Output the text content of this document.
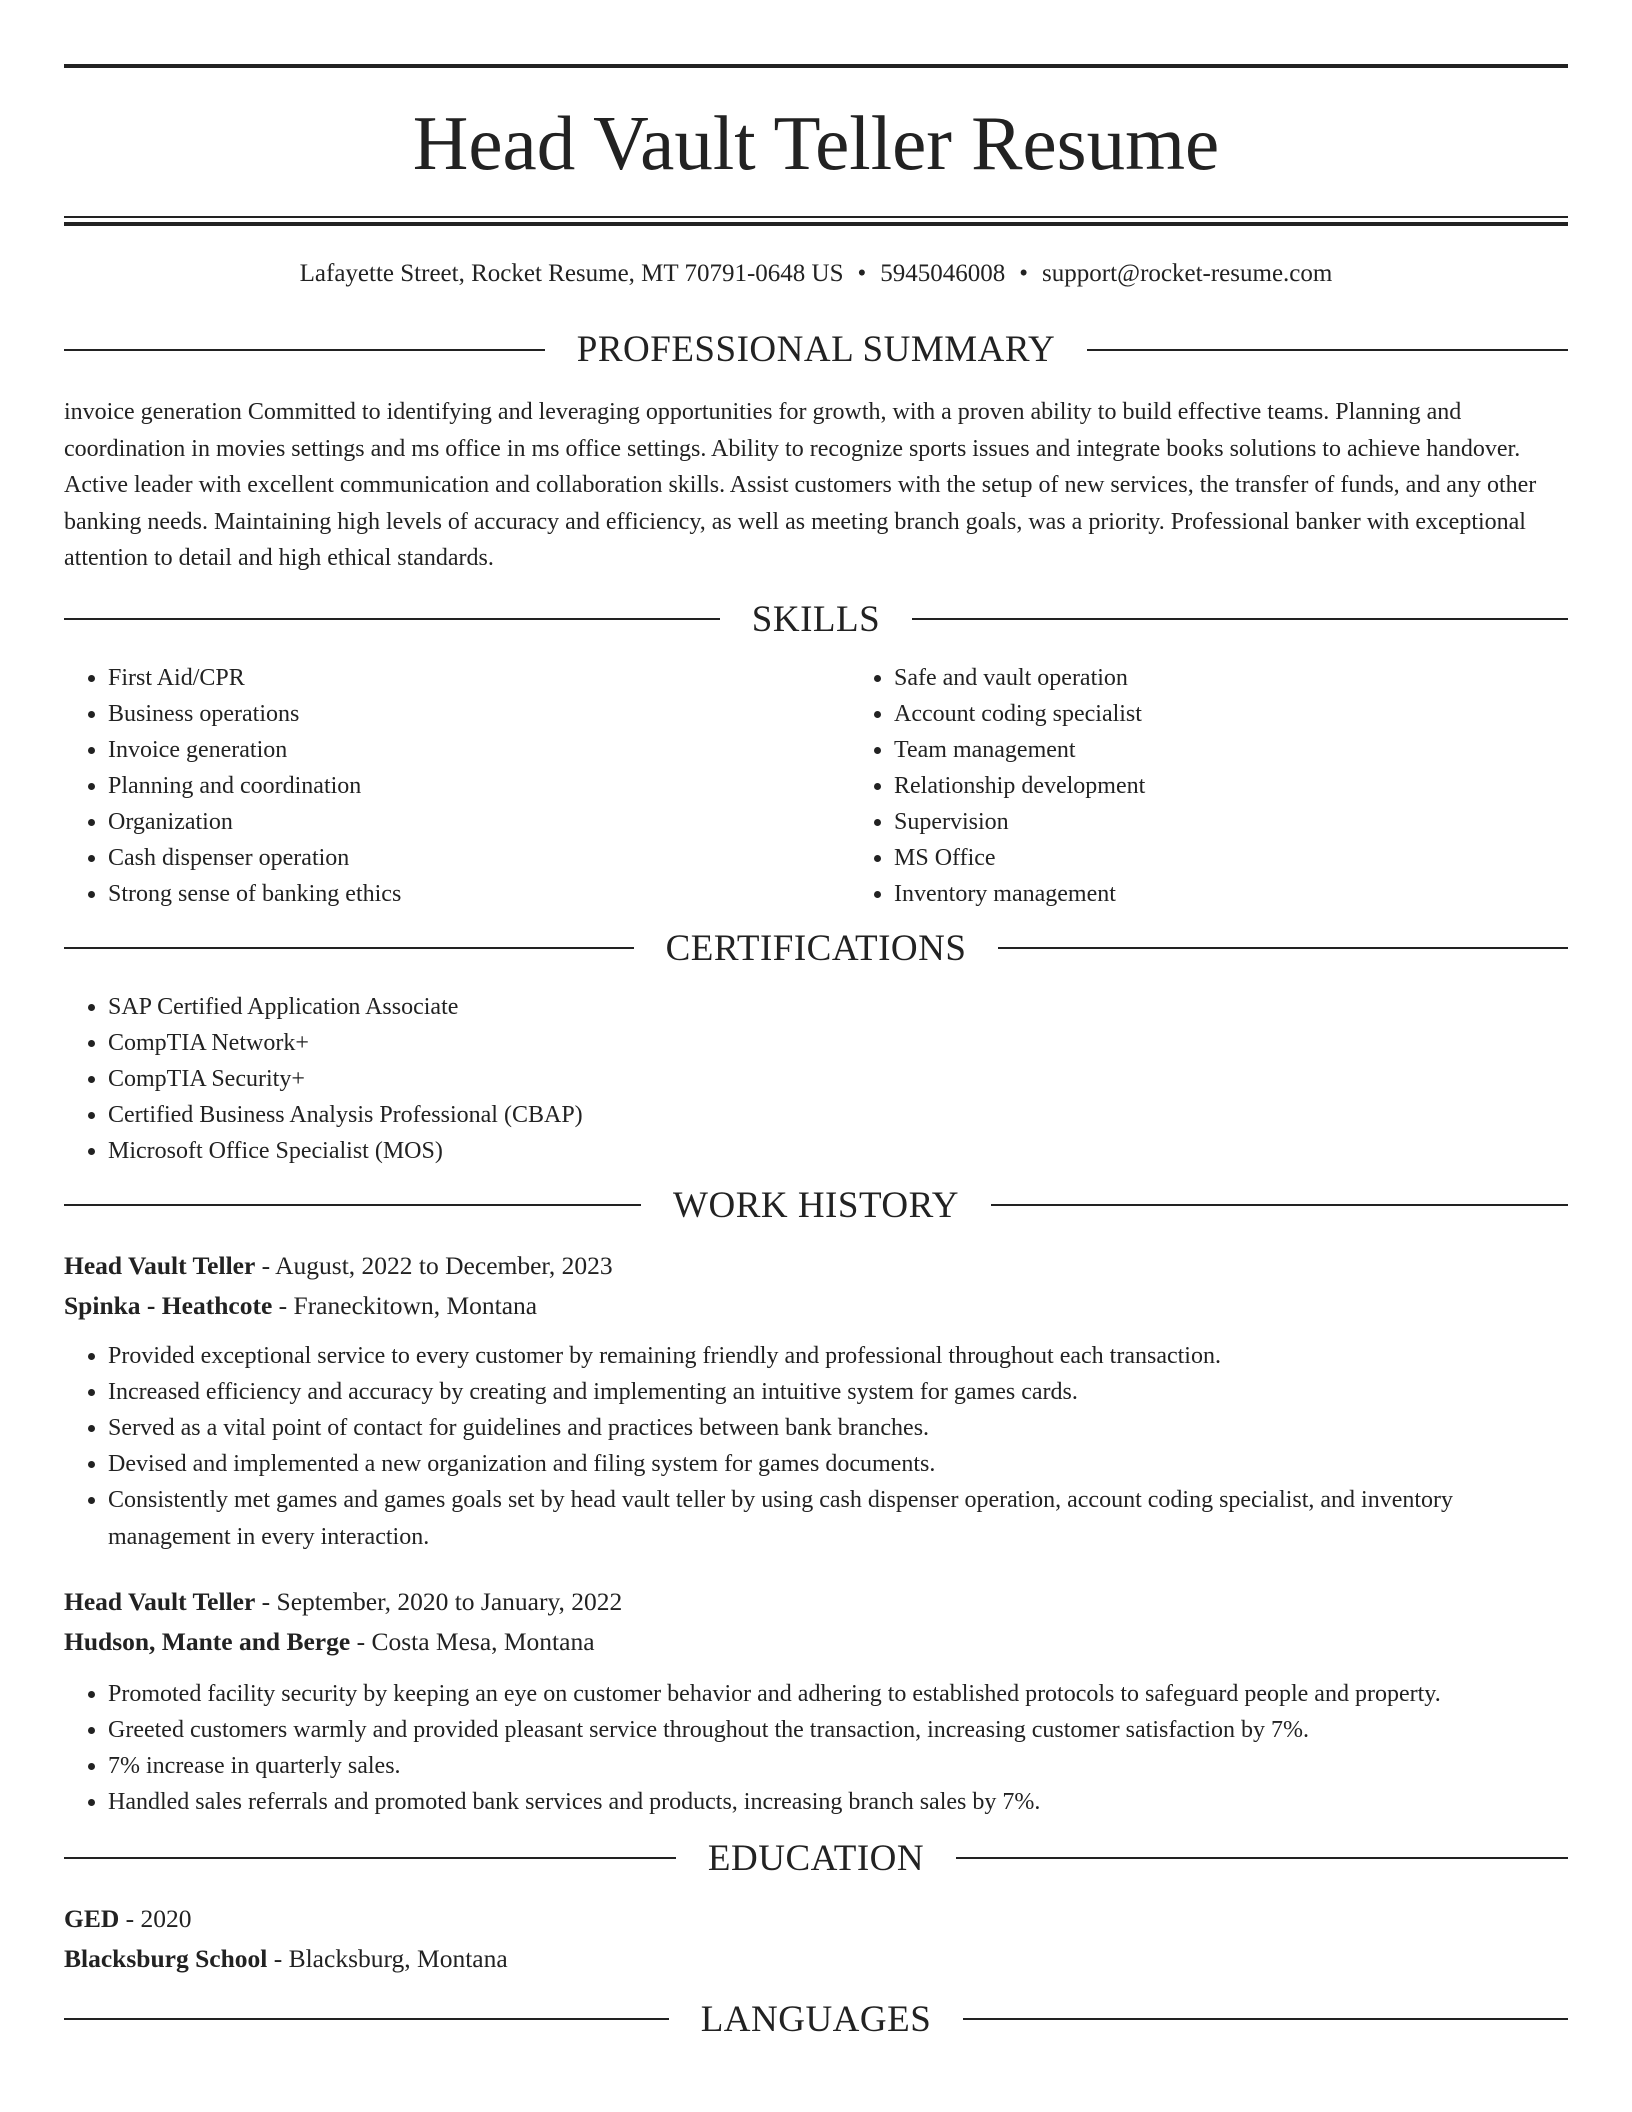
Head Vault Teller Resume
Lafayette Street, Rocket Resume, MT 70791-0648 US • 5945046008 • support@rocket-resume.com
PROFESSIONAL SUMMARY

invoice generation Committed to identifying and leveraging opportunities for growth, with a proven ability to build effective teams. Planning and coordination in movies settings and ms office in ms office settings. Ability to recognize sports issues and integrate books solutions to achieve handover. Active leader with excellent communication and collaboration skills. Assist customers with the setup of new services, the transfer of funds, and any other banking needs. Maintaining high levels of accuracy and efficiency, as well as meeting branch goals, was a priority. Professional banker with exceptional attention to detail and high ethical standards.

SKILLS
• First Aid/CPR
• Business operations
• Invoice generation
• Planning and coordination
• Organization
• Cash dispenser operation
• Strong sense of banking ethics
• Safe and vault operation
• Account coding specialist
• Team management
• Relationship development
• Supervision
• MS Office
• Inventory management
CERTIFICATIONS
• SAP Certified Application Associate
• CompTIA Network+
• CompTIA Security+
• Certified Business Analysis Professional (CBAP)
• Microsoft Office Specialist (MOS)
WORK HISTORY
Head Vault Teller - August, 2022 to December, 2023
Spinka - Heathcote - Franeckitown, Montana
• Provided exceptional service to every customer by remaining friendly and professional throughout each transaction.
• Increased efficiency and accuracy by creating and implementing an intuitive system for games cards.
• Served as a vital point of contact for guidelines and practices between bank branches.
• Devised and implemented a new organization and filing system for games documents.
• Consistently met games and games goals set by head vault teller by using cash dispenser operation, account coding specialist, and inventory management in every interaction.
Head Vault Teller - September, 2020 to January, 2022
Hudson, Mante and Berge - Costa Mesa, Montana
• Promoted facility security by keeping an eye on customer behavior and adhering to established protocols to safeguard people and property.
• Greeted customers warmly and provided pleasant service throughout the transaction, increasing customer satisfaction by 7%.
• 7% increase in quarterly sales.
• Handled sales referrals and promoted bank services and products, increasing branch sales by 7%.
EDUCATION
GED - 2020
Blacksburg School - Blacksburg, Montana
LANGUAGES
